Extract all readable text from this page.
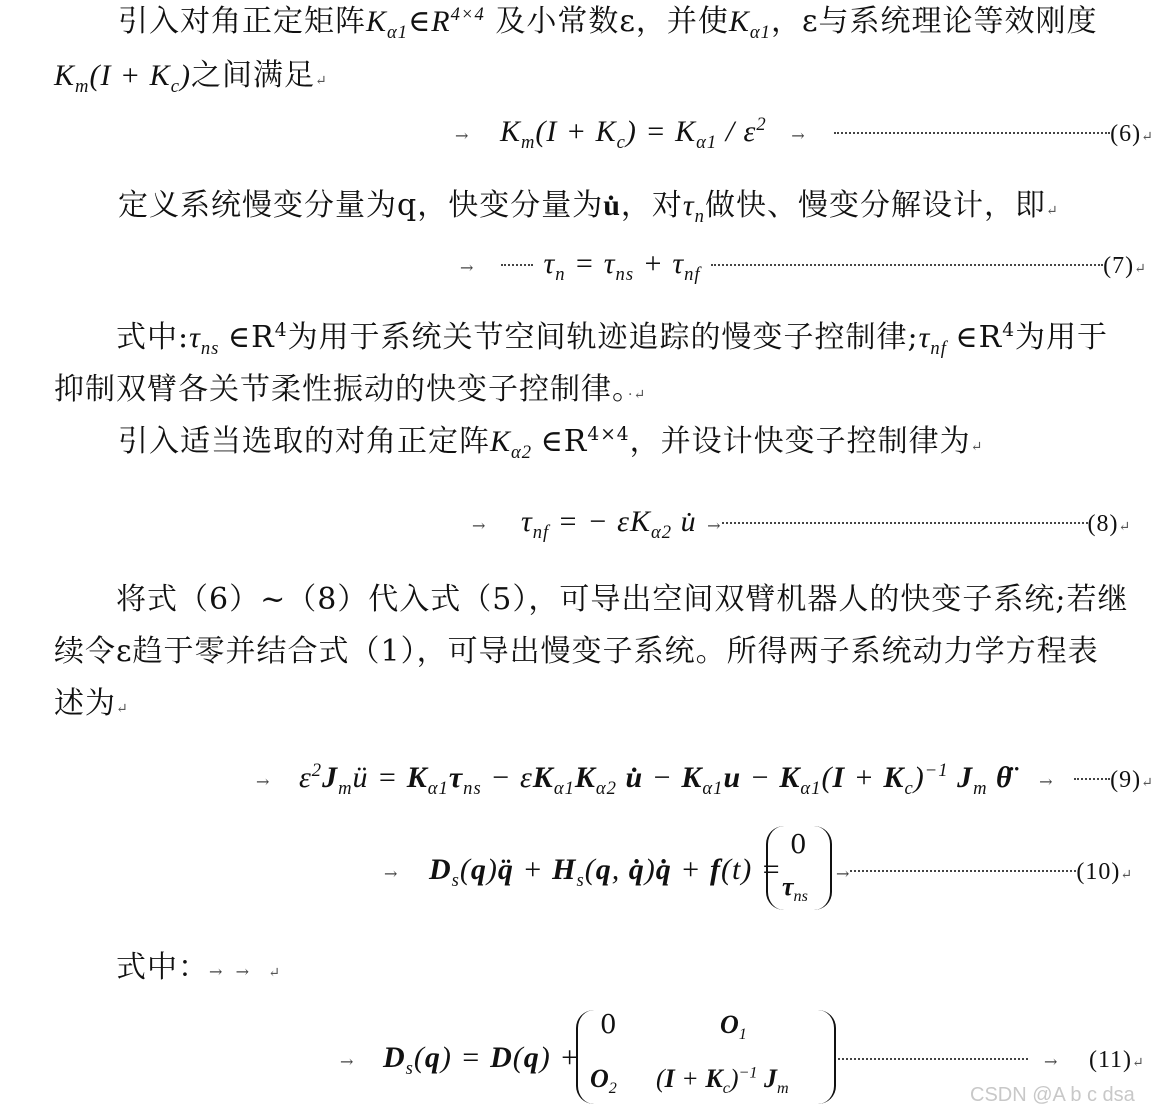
引入对角正定矩阵$K_{\alpha 1}\in R^{4\times 4}$ 及小常数ε，并使$K_{\alpha 1}$，ε与系统理论等效刚度
$K_m(I + K_c)$之间满足↵
→ $K_m(I + K_c) = K_{\alpha 1} / \varepsilon^2$ →	(6)↵
定义系统慢变分量为q，快变分量为u̇，对$\tau_n$做快、慢变分解设计，即↵
→ $\tau_n = \tau_{ns} + \tau_{nf}$	(7)↵
式中$:\tau_{ns}$ $\in R^4$为用于系统关节空间轨迹追踪的慢变子控制律$;\tau_{nf}$ $\in R^4$为用于
抑制双臂各关节柔性振动的快变子控制律。·↵
引入适当选取的对角正定阵$K_{\alpha 2}$ $\in R^{4\times 4}$，并设计快变子控制律为↵
→ $\tau_{nf}$ = − $\varepsilon K_{\alpha 2}$ u̇ →	(8)↵
将式（6）~（8）代入式（5），可导出空间双臂机器人的快变子系统;若继
续令ε趋于零并结合式（1），可导出慢变子系统。所得两子系统动力学方程表
述为↵
→ $\varepsilon^2J_mü = K_{\alpha 1}\tau_{ns} - \varepsilon K_{\alpha 1}K_{\alpha 2}$ u̇ − $K_{\alpha 1}u - K_{\alpha 1}(I + K_c)^{-1}$ $J_m$ θ̈ → (9)↵
→ $D_s(q)q̈ + H_s(q$, q̇)q̇ + f(t) =
0
$\tau_{ns}$
→	(10)↵
式中：→  →   ↵
→ $D_s(q) = D(q)$ +
0	$O_1$
$O_2$ $(I + K_c)^{-1}$ $J_m$
→ (11)↵
CSDN @A b c dsa
